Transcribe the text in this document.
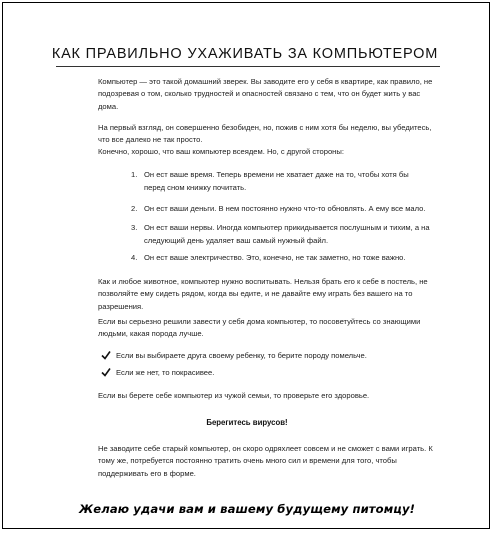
КАК ПРАВИЛЬНО УХАЖИВАТЬ ЗА КОМПЬЮТЕРОМ

Компьютер — это такой домашний зверек. Вы заводите его у себя в квартире, как правило, не подозревая о том, сколько трудностей и опасностей связано с тем, что он будет жить у вас дома.

На первый взгляд, он совершенно безобиден, но, пожив с ним хотя бы неделю, вы убедитесь, что все далеко не так просто.

Конечно, хорошо, что ваш компьютер всеядем. Но, с другой стороны:

1. Он ест ваше время. Теперь времени не хватает даже на то, чтобы хотя бы перед сном книжку почитать.
2. Он ест ваши деньги. В нем постоянно нужно что-то обновлять. А ему все мало.
3. Он ест ваши нервы. Иногда компьютер прикидывается послушным и тихим, а на следующий день удаляет ваш самый нужный файл.
4. Он ест ваше электричество. Это, конечно, не так заметно, но тоже важно.

Как и любое животное, компьютер нужно воспитывать. Нельзя брать его к себе в постель, не позволяйте ему сидеть рядом, когда вы едите, и не давайте ему играть без вашего на то разрешения.

Если вы серьезно решили завести у себя дома компьютер, то посоветуйтесь со знающими людьми, какая порода лучше.

Если вы выбираете друга своему ребенку, то берите породу помельче.
Если же нет, то покрасивее.

Если вы берете себе компьютер из чужой семьи, то проверьте его здоровье.

Берегитесь вирусов!

Не заводите себе старый компьютер, он скоро одряхлеет совсем и не сможет с вами играть. К тому же, потребуется постоянно тратить очень много сил и времени для того, чтобы поддерживать его в форме.

Желаю удачи вам и вашему будущему питомцу!
